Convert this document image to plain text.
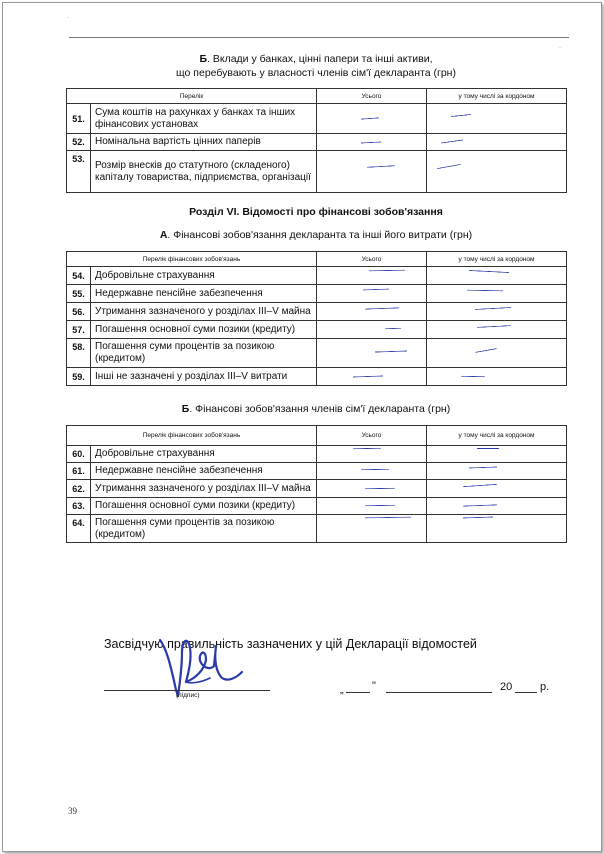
·
·
Б. Вклади у банках, цінні папери та інші активи,
що перебувають у власності членів сім'ї декларанта (грн)
Перелік	Усього	у тому числі за кордоном
51.	Сума коштів на рахунках у банках та інших фінансових установах	

52.	Номінальна вартість цінних паперів	

53.	Розмір внесків до статутного (складеного) капіталу товариства, підприємства, організації	

Розділ VI. Відомості про фінансові зобов'язання
А. Фінансові зобов'язання декларанта та інші його витрати (грн)
Перелік фінансових зобов'язань	Усього	у тому числі за кордоном
54.	Добровільне страхування	

55.	Недержавне пенсійне забезпечення	

56.	Утримання зазначеного у розділах III–V майна	

57.	Погашення основної суми позики (кредиту)	

58.	Погашення суми процентів за позикою (кредитом)	

59.	Інші не зазначені у розділах III–V витрати	

Б. Фінансові зобов'язання членів сім'ї декларанта (грн)
Перелік фінансових зобов'язань	Усього	у тому числі за кордоном
60.	Добровільне страхування	

61.	Недержавне пенсійне забезпечення	

62.	Утримання зазначеного у розділах III–V майна	

63.	Погашення основної суми позики (кредиту)	

64.	Погашення суми процентів за позикою (кредитом)	

Засвідчую правильність зазначених у цій Декларації відомостей
(підпис)	„	"	20	р.
39
